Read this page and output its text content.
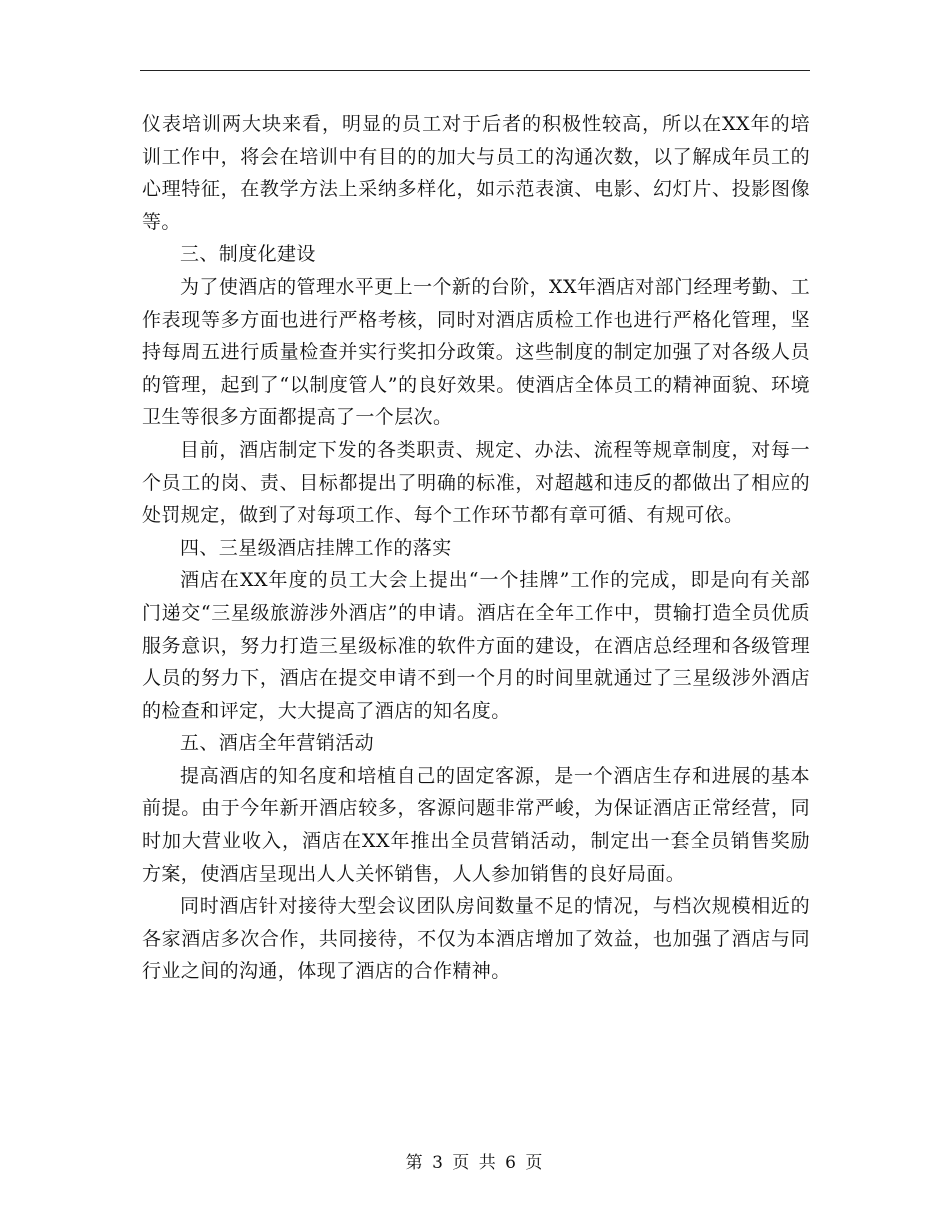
仪表培训两大块来看，明显的员工对于后者的积极性较高，所以在XX年的培训工作中，将会在培训中有目的的加大与员工的沟通次数，以了解成年员工的心理特征，在教学方法上采纳多样化，如示范表演、电影、幻灯片、投影图像等。

三、制度化建设

为了使酒店的管理水平更上一个新的台阶，XX年酒店对部门经理考勤、工作表现等多方面也进行严格考核，同时对酒店质检工作也进行严格化管理，坚持每周五进行质量检查并实行奖扣分政策。这些制度的制定加强了对各级人员的管理，起到了“以制度管人”的良好效果。使酒店全体员工的精神面貌、环境卫生等很多方面都提高了一个层次。

目前，酒店制定下发的各类职责、规定、办法、流程等规章制度，对每一个员工的岗、责、目标都提出了明确的标准，对超越和违反的都做出了相应的处罚规定，做到了对每项工作、每个工作环节都有章可循、有规可依。

四、三星级酒店挂牌工作的落实

酒店在XX年度的员工大会上提出“一个挂牌”工作的完成，即是向有关部门递交“三星级旅游涉外酒店”的申请。酒店在全年工作中，贯输打造全员优质服务意识，努力打造三星级标准的软件方面的建设，在酒店总经理和各级管理人员的努力下，酒店在提交申请不到一个月的时间里就通过了三星级涉外酒店的检查和评定，大大提高了酒店的知名度。

五、酒店全年营销活动

提高酒店的知名度和培植自己的固定客源，是一个酒店生存和进展的基本前提。由于今年新开酒店较多，客源问题非常严峻，为保证酒店正常经营，同时加大营业收入，酒店在XX年推出全员营销活动，制定出一套全员销售奖励方案，使酒店呈现出人人关怀销售，人人参加销售的良好局面。

同时酒店针对接待大型会议团队房间数量不足的情况，与档次规模相近的各家酒店多次合作，共同接待，不仅为本酒店增加了效益，也加强了酒店与同行业之间的沟通，体现了酒店的合作精神。

第 3 页 共 6 页
